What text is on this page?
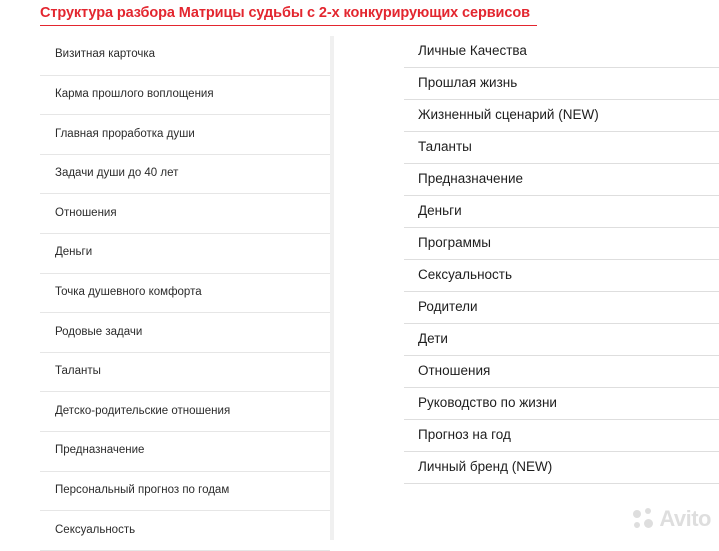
Структура разбора Матрицы судьбы с 2-х конкурирующих сервисов
Визитная карточка
Карма прошлого воплощения
Главная проработка души
Задачи души до 40 лет
Отношения
Деньги
Точка душевного комфорта
Родовые задачи
Таланты
Детско-родительские отношения
Предназначение
Персональный прогноз по годам
Сексуальность
Личные Качества
Прошлая жизнь
Жизненный сценарий (NEW)
Таланты
Предназначение
Деньги
Программы
Сексуальность
Родители
Дети
Отношения
Руководство по жизни
Прогноз на год
Личный бренд (NEW)
Avito
